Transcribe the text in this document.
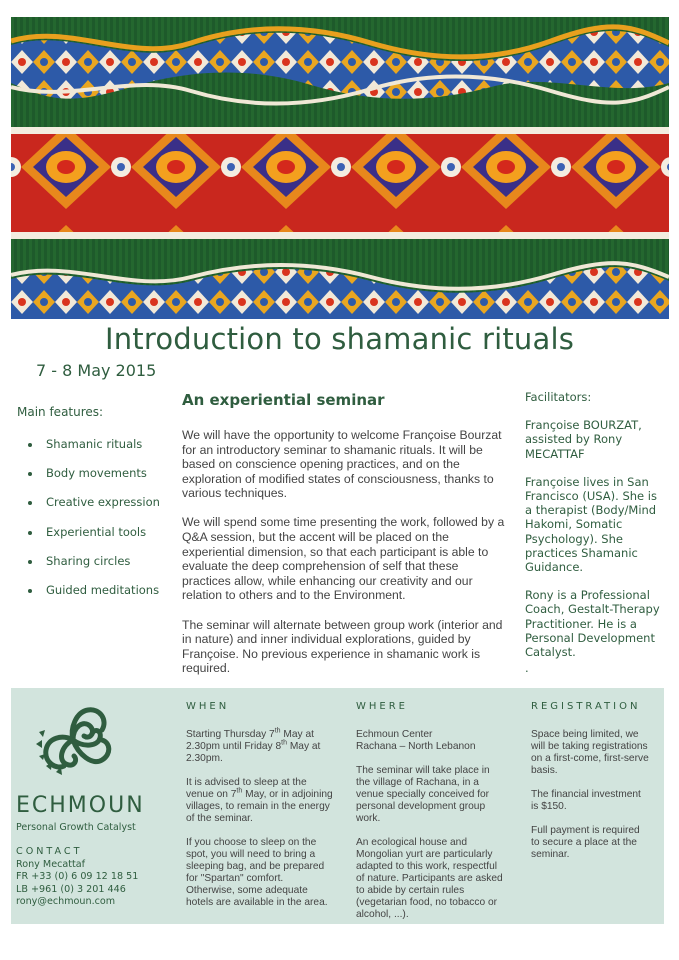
Introduction to shamanic rituals
7 - 8 May 2015
Main features:
Shamanic rituals
Body movements
Creative expression
Experiential tools
Sharing circles
Guided meditations
An experiential seminar

We will have the opportunity to welcome Françoise Bourzat for an introductory seminar to shamanic rituals. It will be based on conscience opening practices, and on the exploration of modified states of consciousness, thanks to various techniques.

We will spend some time presenting the work, followed by a Q&A session, but the accent will be placed on the experiential dimension, so that each participant is able to evaluate the deep comprehension of self that these practices allow, while enhancing our creativity and our relation to others and to the Environment.

The seminar will alternate between group work (interior and in nature) and inner individual explorations, guided by Françoise. No previous experience in shamanic work is required.

Facilitators:

Françoise BOURZAT, assisted by Rony MECATTAF

Françoise lives in San Francisco (USA). She is a therapist (Body/Mind Hakomi, Somatic Psychology). She practices Shamanic Guidance.

Rony is a Professional Coach, Gestalt-Therapy Practitioner. He is a Personal Development Catalyst.

.

ECHMOUN
Personal Growth Catalyst
CONTACT
Rony Mecattaf
FR +33 (0) 6 09 12 18 51
LB +961 (0) 3 201 446
rony@echmoun.com
WHEN

Starting Thursday 7th May at 2.30pm until Friday 8th May at 2.30pm.

It is advised to sleep at the venue on 7th May, or in adjoining villages, to remain in the energy of the seminar.

If you choose to sleep on the spot, you will need to bring a sleeping bag, and be prepared for "Spartan" comfort. Otherwise, some adequate hotels are available in the area.

WHERE

Echmoun Center
Rachana – North Lebanon

The seminar will take place in the village of Rachana, in a venue specially conceived for personal development group work.

An ecological house and Mongolian yurt are particularly adapted to this work, respectful of nature. Participants are asked to abide by certain rules (vegetarian food, no tobacco or alcohol, ...).

REGISTRATION

Space being limited, we will be taking registrations on a first-come, first-serve basis.

The financial investment is $150.

Full payment is required to secure a place at the seminar.
